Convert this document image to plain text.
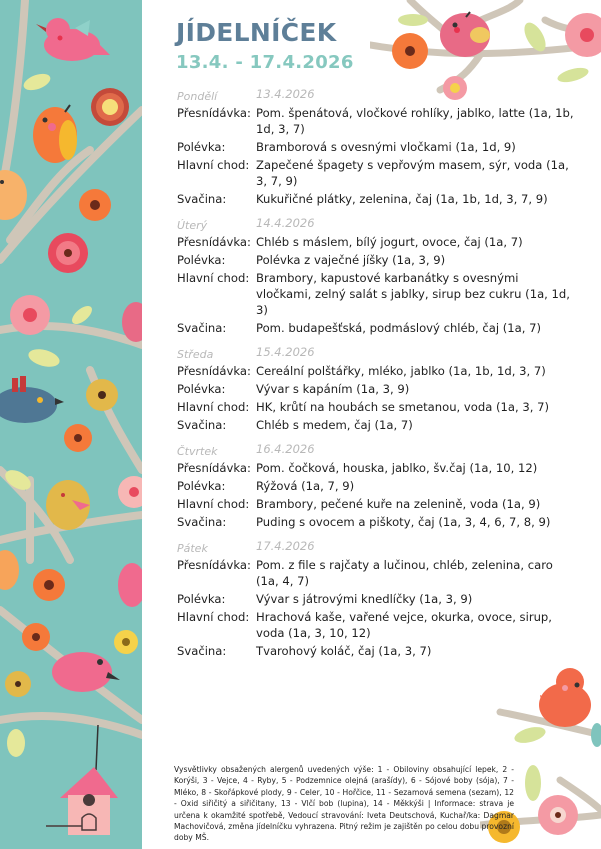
JÍDELNÍČEK
13.4. - 17.4.2026
Pondělí	13.4.2026
Přesnídávka: Pom. špenátová, vločkové rohlíky, jablko, latte (1a, 1b, 1d, 3, 7)
Polévka:	Bramborová s ovesnými vločkami (1a, 1d, 9)
Hlavní chod: Zapečené špagety s vepřovým masem, sýr, voda (1a, 3, 7, 9)
Svačina:	Kukuřičné plátky, zelenina, čaj (1a, 1b, 1d, 3, 7, 9)
Úterý	14.4.2026
Přesnídávka: Chléb s máslem, bílý jogurt, ovoce, čaj (1a, 7)
Polévka:	Polévka z vaječné jíšky (1a, 3, 9)
Hlavní chod: Brambory, kapustové karbanátky s ovesnými vločkami, zelný salát s jablky, sirup bez cukru (1a, 1d, 3)
Svačina:	Pom. budapešťská, podmáslový chléb, čaj (1a, 7)
Středa	15.4.2026
Přesnídávka: Cereální polštářky, mléko, jablko (1a, 1b, 1d, 3, 7)
Polévka:	Vývar s kapáním (1a, 3, 9)
Hlavní chod: HK, krůtí na houbách se smetanou, voda (1a, 3, 7)
Svačina:	Chléb s medem, čaj (1a, 7)
Čtvrtek	16.4.2026
Přesnídávka: Pom. čočková, houska, jablko, šv.čaj (1a, 10, 12)
Polévka:	Rýžová (1a, 7, 9)
Hlavní chod: Brambory, pečené kuře na zelenině, voda (1a, 9)
Svačina:	Puding s ovocem a piškoty, čaj (1a, 3, 4, 6, 7, 8, 9)
Pátek	17.4.2026
Přesnídávka: Pom. z file s rajčaty a lučinou, chléb, zelenina, caro (1a, 4, 7)
Polévka:	Vývar s játrovými knedlíčky (1a, 3, 9)
Hlavní chod: Hrachová kaše, vařené vejce, okurka, ovoce, sirup, voda (1a, 3, 10, 12)
Svačina:	Tvarohový koláč, čaj (1a, 3, 7)
Vysvětlivky obsažených alergenů uvedených výše: 1 - Obiloviny obsahující lepek, 2 - Korýši, 3 - Vejce, 4 - Ryby, 5 - Podzemnice olejná (arašídy), 6 - Sójové boby (sója), 7 - Mléko, 8 - Skořápkové plody, 9 - Celer, 10 - Hořčice, 11 - Sezamová semena (sezam), 12 - Oxid siřičitý a siřičitany, 13 - Vlčí bob (lupina), 14 - Měkkýši | Informace: strava je určena k okamžité spotřebě, Vedoucí stravování: Iveta Deutschová, Kuchař/ka: Dagmar Machovičová, změna jídelníčku vyhrazena. Pitný režim je zajištěn po celou dobu provozní doby MŠ.
